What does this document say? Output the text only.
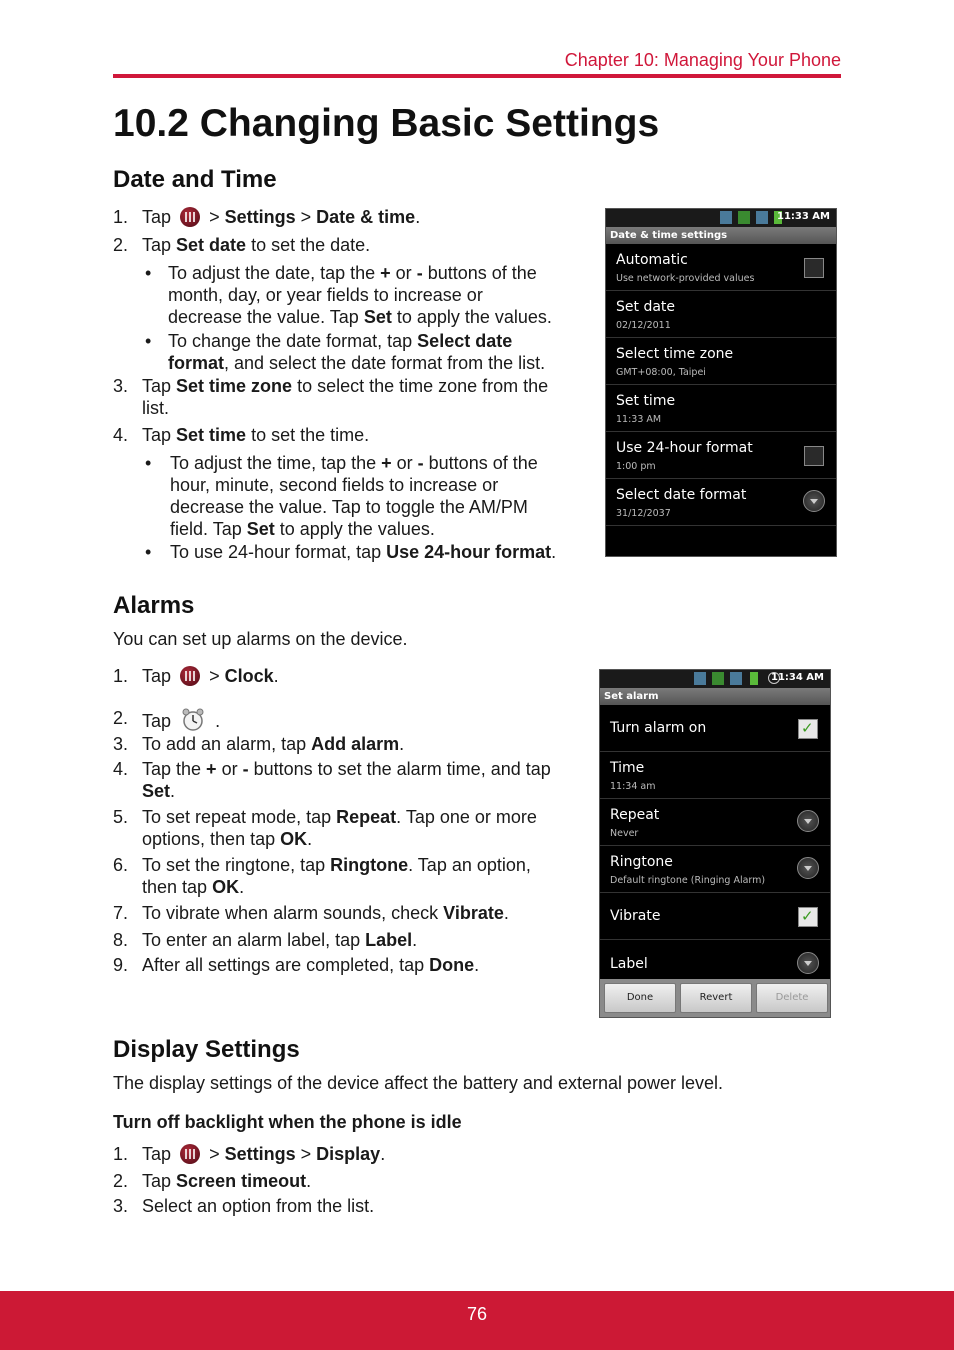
Chapter 10: Managing Your Phone
10.2 Changing Basic Settings
Date and Time
1. Tap > Settings > Date & time.
2. Tap Set date to set the date.
• To adjust the date, tap the + or - buttons of the
month, day, or year fields to increase or
decrease the value. Tap Set to apply the values.
• To change the date format, tap Select date
format, and select the date format from the list.
3. Tap Set time zone to select the time zone from the
list.
4. Tap Set time to set the time.
• To adjust the time, tap the + or - buttons of the
hour, minute, second fields to increase or
decrease the value. Tap to toggle the AM/PM
field. Tap Set to apply the values.
• To use 24-hour format, tap Use 24-hour format.
11:33 AM
Date & time settings
Automatic
Use network-provided values
Set date
02/12/2011
Select time zone
GMT+08:00, Taipei
Set time
11:33 AM
Use 24-hour format
1:00 pm
Select date format
31/12/2037
Alarms
You can set up alarms on the device.
1. Tap > Clock.
2. Tap .
3. To add an alarm, tap Add alarm.
4. Tap the + or - buttons to set the alarm time, and tap
Set.
5. To set repeat mode, tap Repeat. Tap one or more
options, then tap OK.
6. To set the ringtone, tap Ringtone. Tap an option,
then tap OK.
7. To vibrate when alarm sounds, check Vibrate.
8. To enter an alarm label, tap Label.
9. After all settings are completed, tap Done.
11:34 AM
Set alarm
Turn alarm on
✓
Time
11:34 am
Repeat
Never
Ringtone
Default ringtone (Ringing Alarm)
Vibrate
✓
Label
Done	Revert	Delete
Display Settings
The display settings of the device affect the battery and external power level.
Turn off backlight when the phone is idle
1. Tap > Settings > Display.
2. Tap Screen timeout.
3. Select an option from the list.
76
